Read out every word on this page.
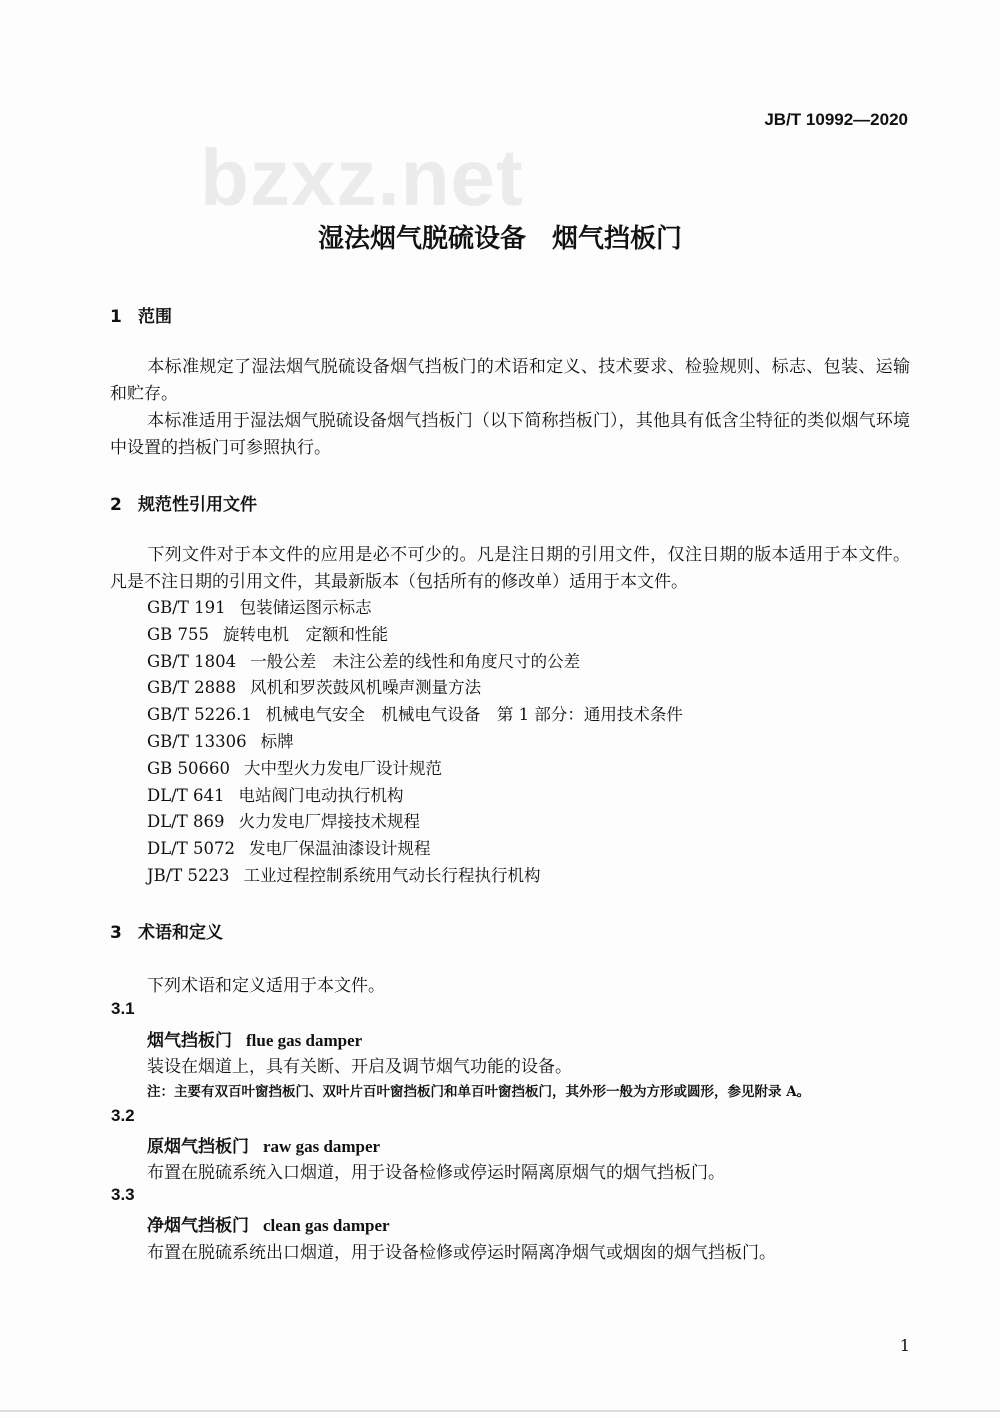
JB/T 10992—2020
bzxz.net
湿法烟气脱硫设备　烟气挡板门
1 范围
本标准规定了湿法烟气脱硫设备烟气挡板门的术语和定义、技术要求、检验规则、标志、包装、运输和贮存。
本标准适用于湿法烟气脱硫设备烟气挡板门（以下简称挡板门），其他具有低含尘特征的类似烟气环境中设置的挡板门可参照执行。
2 规范性引用文件
下列文件对于本文件的应用是必不可少的。凡是注日期的引用文件，仅注日期的版本适用于本文件。凡是不注日期的引用文件，其最新版本（包括所有的修改单）适用于本文件。
GB/T 191 包装储运图示标志
GB 755 旋转电机　定额和性能
GB/T 1804 一般公差　未注公差的线性和角度尺寸的公差
GB/T 2888 风机和罗茨鼓风机噪声测量方法
GB/T 5226.1 机械电气安全　机械电气设备　第 1 部分：通用技术条件
GB/T 13306 标牌
GB 50660 大中型火力发电厂设计规范
DL/T 641 电站阀门电动执行机构
DL/T 869 火力发电厂焊接技术规程
DL/T 5072 发电厂保温油漆设计规程
JB/T 5223 工业过程控制系统用气动长行程执行机构
3 术语和定义
下列术语和定义适用于本文件。
3.1
烟气挡板门 flue gas damper
装设在烟道上，具有关断、开启及调节烟气功能的设备。
注：主要有双百叶窗挡板门、双叶片百叶窗挡板门和单百叶窗挡板门，其外形一般为方形或圆形，参见附录 A。
3.2
原烟气挡板门 raw gas damper
布置在脱硫系统入口烟道，用于设备检修或停运时隔离原烟气的烟气挡板门。
3.3
净烟气挡板门 clean gas damper
布置在脱硫系统出口烟道，用于设备检修或停运时隔离净烟气或烟囱的烟气挡板门。
1
